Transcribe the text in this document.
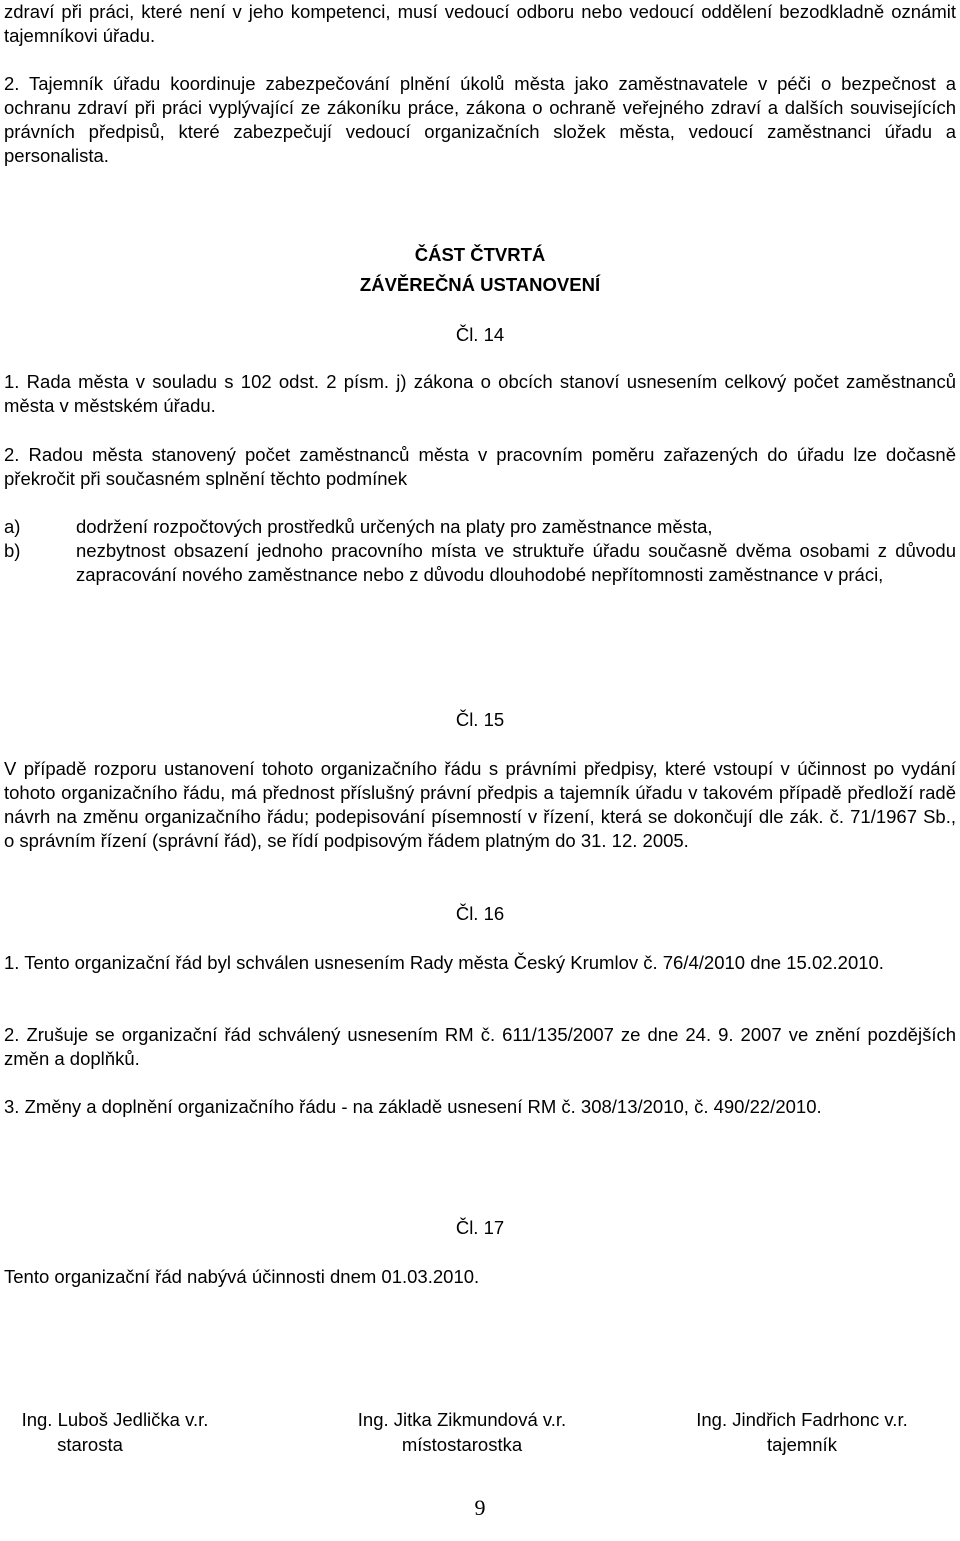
zdraví při práci, které není v jeho kompetenci, musí vedoucí odboru nebo vedoucí oddělení bezodkladně oznámit tajemníkovi úřadu.
2. Tajemník úřadu koordinuje zabezpečování plnění úkolů města jako zaměstnavatele v péči o bezpečnost a ochranu zdraví při práci vyplývající ze zákoníku práce, zákona o ochraně veřejného zdraví a dalších souvisejících právních předpisů, které zabezpečují vedoucí organizačních složek města, vedoucí zaměstnanci úřadu a personalista.
ČÁST ČTVRTÁ
ZÁVĚREČNÁ USTANOVENÍ
Čl. 14
1. Rada města v souladu s 102 odst. 2 písm. j) zákona o obcích stanoví usnesením celkový počet zaměstnanců města v městském úřadu.
2. Radou města stanovený počet zaměstnanců města v pracovním poměru zařazených do úřadu lze dočasně překročit při současném splnění těchto podmínek
a)	dodržení rozpočtových prostředků určených na platy pro zaměstnance města,
b)	nezbytnost obsazení jednoho pracovního místa ve struktuře úřadu současně dvěma osobami z důvodu zapracování nového zaměstnance nebo z důvodu dlouhodobé nepřítomnosti zaměstnance v práci,
Čl. 15
V případě rozporu ustanovení tohoto organizačního řádu s právními předpisy, které vstoupí v účinnost po vydání tohoto organizačního řádu, má přednost příslušný právní předpis a tajemník úřadu v takovém případě předloží radě návrh na změnu organizačního řádu; podepisování písemností v řízení, která se dokončují dle zák. č. 71/1967 Sb., o správním řízení (správní řád), se řídí podpisovým řádem platným do 31. 12. 2005.
Čl. 16
1. Tento organizační řád byl schválen usnesením Rady města Český Krumlov č. 76/4/2010 dne 15.02.2010.
2. Zrušuje se organizační řád schválený usnesením RM č. 611/135/2007 ze dne 24. 9. 2007 ve znění pozdějších změn a doplňků.
3. Změny a doplnění organizačního řádu - na základě usnesení RM č. 308/13/2010, č. 490/22/2010.
Čl. 17
Tento organizační řád nabývá účinnosti dnem 01.03.2010.
Ing. Luboš Jedlička v.r.
starosta
Ing. Jitka Zikmundová v.r.
místostarostka
Ing. Jindřich Fadrhonc v.r.
tajemník
9
